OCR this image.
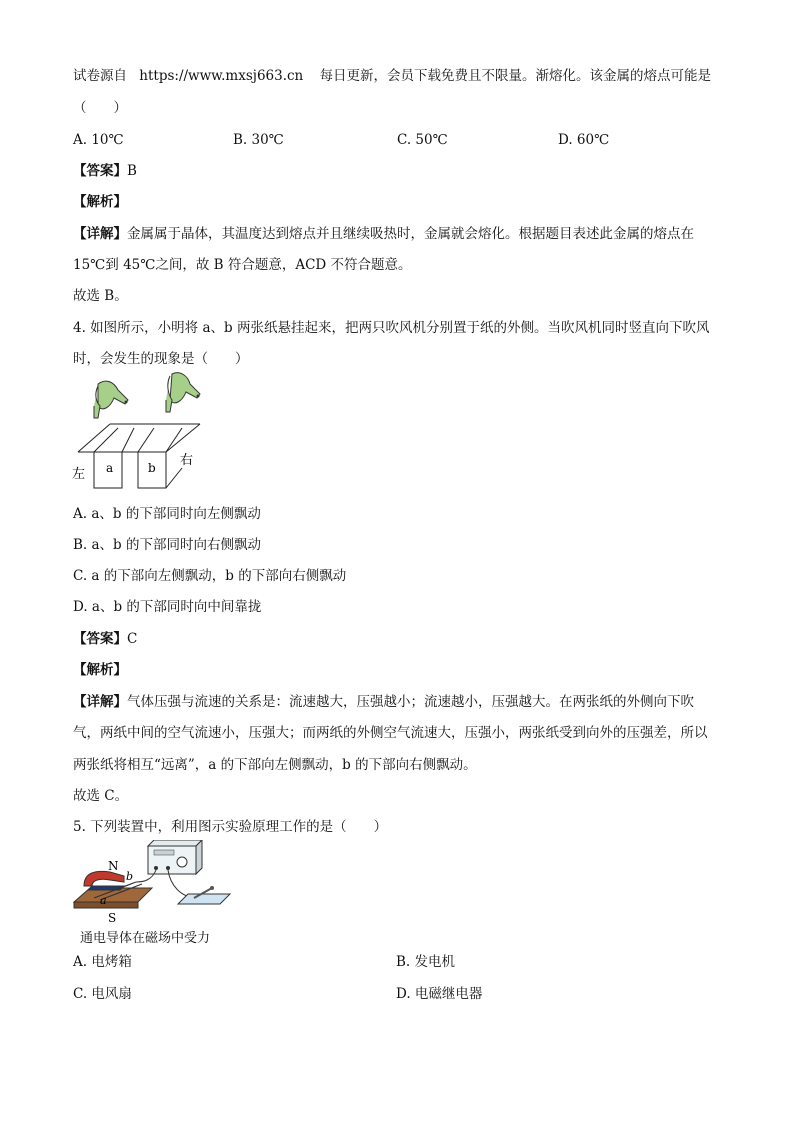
试卷源自 https://www.mxsj663.cn 每日更新，会员下载免费且不限量。渐熔化。该金属的熔点可能是
（　　）
A. 10℃	B. 30℃	C. 50℃	D. 60℃
【答案】B
【解析】
【详解】金属属于晶体，其温度达到熔点并且继续吸热时，金属就会熔化。根据题目表述此金属的熔点在
15℃到 45℃之间，故 B 符合题意，ACD 不符合题意。
故选 B。
4. 如图所示，小明将 a、b 两张纸悬挂起来，把两只吹风机分别置于纸的外侧。当吹风机同时竖直向下吹风
时，会发生的现象是（　　）
左 a	b 右
A. a、b 的下部同时向左侧飘动
B. a、b 的下部同时向右侧飘动
C. a 的下部向左侧飘动，b 的下部向右侧飘动
D. a、b 的下部同时向中间靠拢
【答案】C
【解析】
【详解】气体压强与流速的关系是：流速越大，压强越小；流速越小，压强越大。在两张纸的外侧向下吹
气，两纸中间的空气流速小，压强大；而两纸的外侧空气流速大，压强小，两张纸受到向外的压强差，所以
两张纸将相互“远离”，a 的下部向左侧飘动，b 的下部向右侧飘动。
故选 C。
5. 下列装置中，利用图示实验原理工作的是（　　）
N
b
a
S
通电导体在磁场中受力
A. 电烤箱	B. 发电机
C. 电风扇	D. 电磁继电器
